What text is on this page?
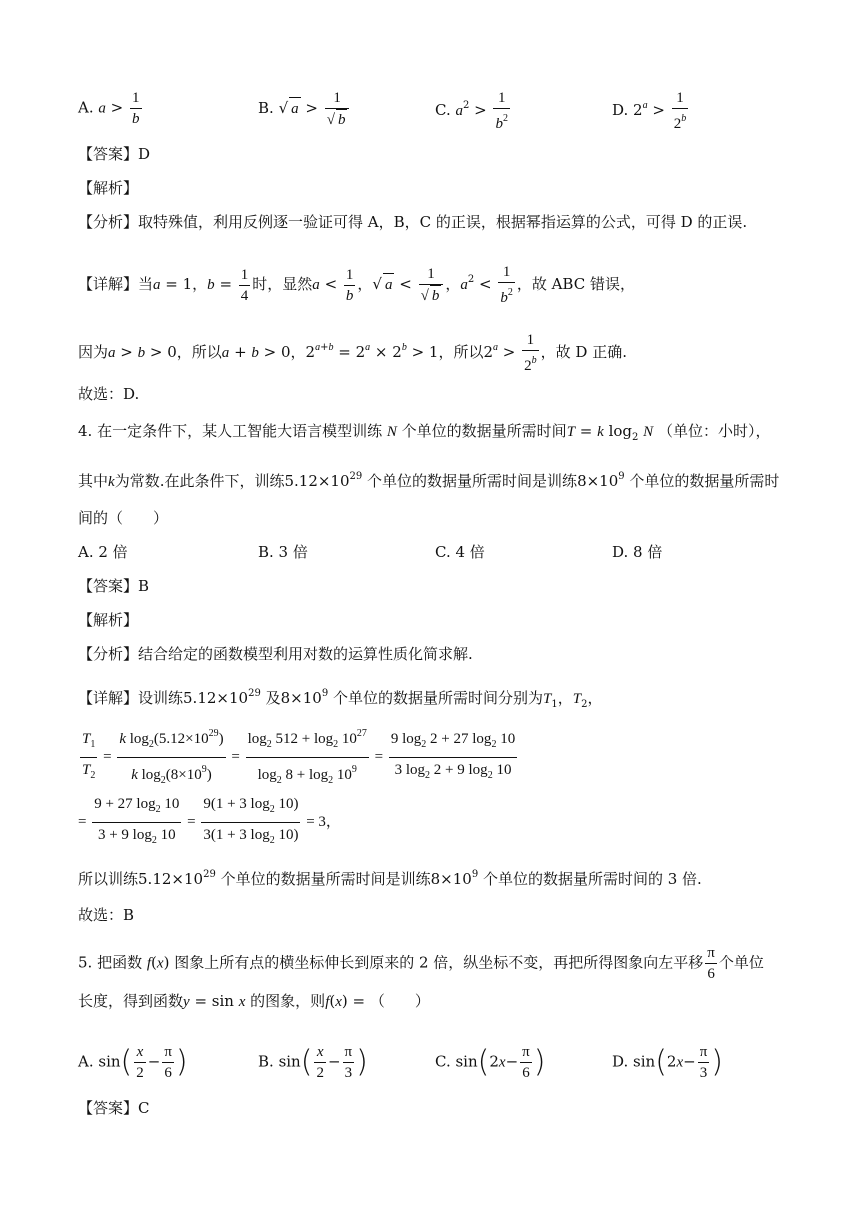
A. $a > \frac{1}{b}$	B. √ $a > \frac{1}{√ b}$	C. $a^2 > \frac{1}{b^2}$	D. $2^a > \frac{1}{2^b}$
【答案】D
【解析】
【分析】取特殊值，利用反例逐一验证可得 A，B，C 的正误，根据幂指运算的公式，可得 D 的正误.
【详解】当a = 1，$b = \frac{1}{4}$ 时，显然$a < \frac{1}{b}$ ，√ $a < \frac{1}{√ b}$ ，$a^2 < \frac{1}{b^2}$ ，故 ABC 错误，
因为a > b > 0，所以a + b > 0，$2^{a+b} = 2^a \times 2^b > 1$，所以$2^a > \frac{1}{2^b}$ ，故 D 正确.
故选：D.
4. 在一定条件下，某人工智能大语言模型训练 N 个单位的数据量所需时间T = k $\log_2 N$ （单位：小时），
其中k为常数.在此条件下，训练$5.12\times 10^{29}$ 个单位的数据量所需时间是训练$8\times 10^9$ 个单位的数据量所需时
间的（　　）
A. 2 倍	B. 3 倍	C. 4 倍	D. 8 倍
【答案】B
【解析】
【分析】结合给定的函数模型利用对数的运算性质化简求解.
【详解】设训练$5.12\times 10^{29}$ 及$8\times 10^9$ 个单位的数据量所需时间分别为$T_1$，$T_2$，
$\frac{T_1}{T_2} = \frac{k \log_2(5.12\times 10^{29})}{k \log_2(8\times 10^9)} = \frac{\log_2 512 + \log_2 10^{27}}{\log_2 8 + \log_2 10^9} = \frac{9 \log_2 2 + 27 \log_2 10}{3 \log_2 2 + 9 \log_2 10}$
= $\frac{9 + 27 \log_2 10}{3 + 9 \log_2 10} = \frac{9(1 + 3 \log_2 10)}{3(1 + 3 \log_2 10)} = 3$，
所以训练$5.12\times 10^{29}$ 个单位的数据量所需时间是训练$8\times 10^9$ 个单位的数据量所需时间的 3 倍.
故选：B
5. 把函数 f(x) 图象上所有点的横坐标伸长到原来的 2 倍，纵坐标不变，再把所得图象向左平移 $\frac{\pi}{6}$ 个单位
长度，得到函数y = sin x 的图象，则f(x) = （　　）
A. $\sin( \frac{x}{2} - \frac{\pi}{6}$ )	B. $\sin( \frac{x}{2} - \frac{\pi}{3}$ )	C. $\sin(2x- \frac{\pi}{6}$ )	D. $\sin(2x- \frac{\pi}{3}$ )
【答案】C
